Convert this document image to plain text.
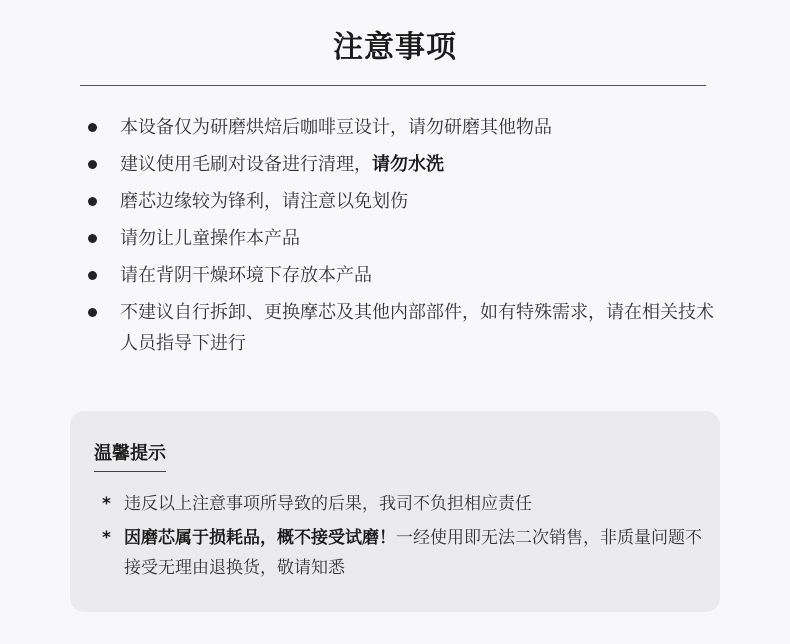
注意事项
本设备仅为研磨烘焙后咖啡豆设计，请勿研磨其他物品
建议使用毛刷对设备进行清理，请勿水洗
磨芯边缘较为锋利，请注意以免划伤
请勿让儿童操作本产品
请在背阴干燥环境下存放本产品
不建议自行拆卸、更换摩芯及其他内部部件，如有特殊需求，请在相关技术人员指导下进行
温馨提示
* 违反以上注意事项所导致的后果，我司不负担相应责任
* 因磨芯属于损耗品，概不接受试磨！一经使用即无法二次销售，非质量问题不接受无理由退换货，敬请知悉
